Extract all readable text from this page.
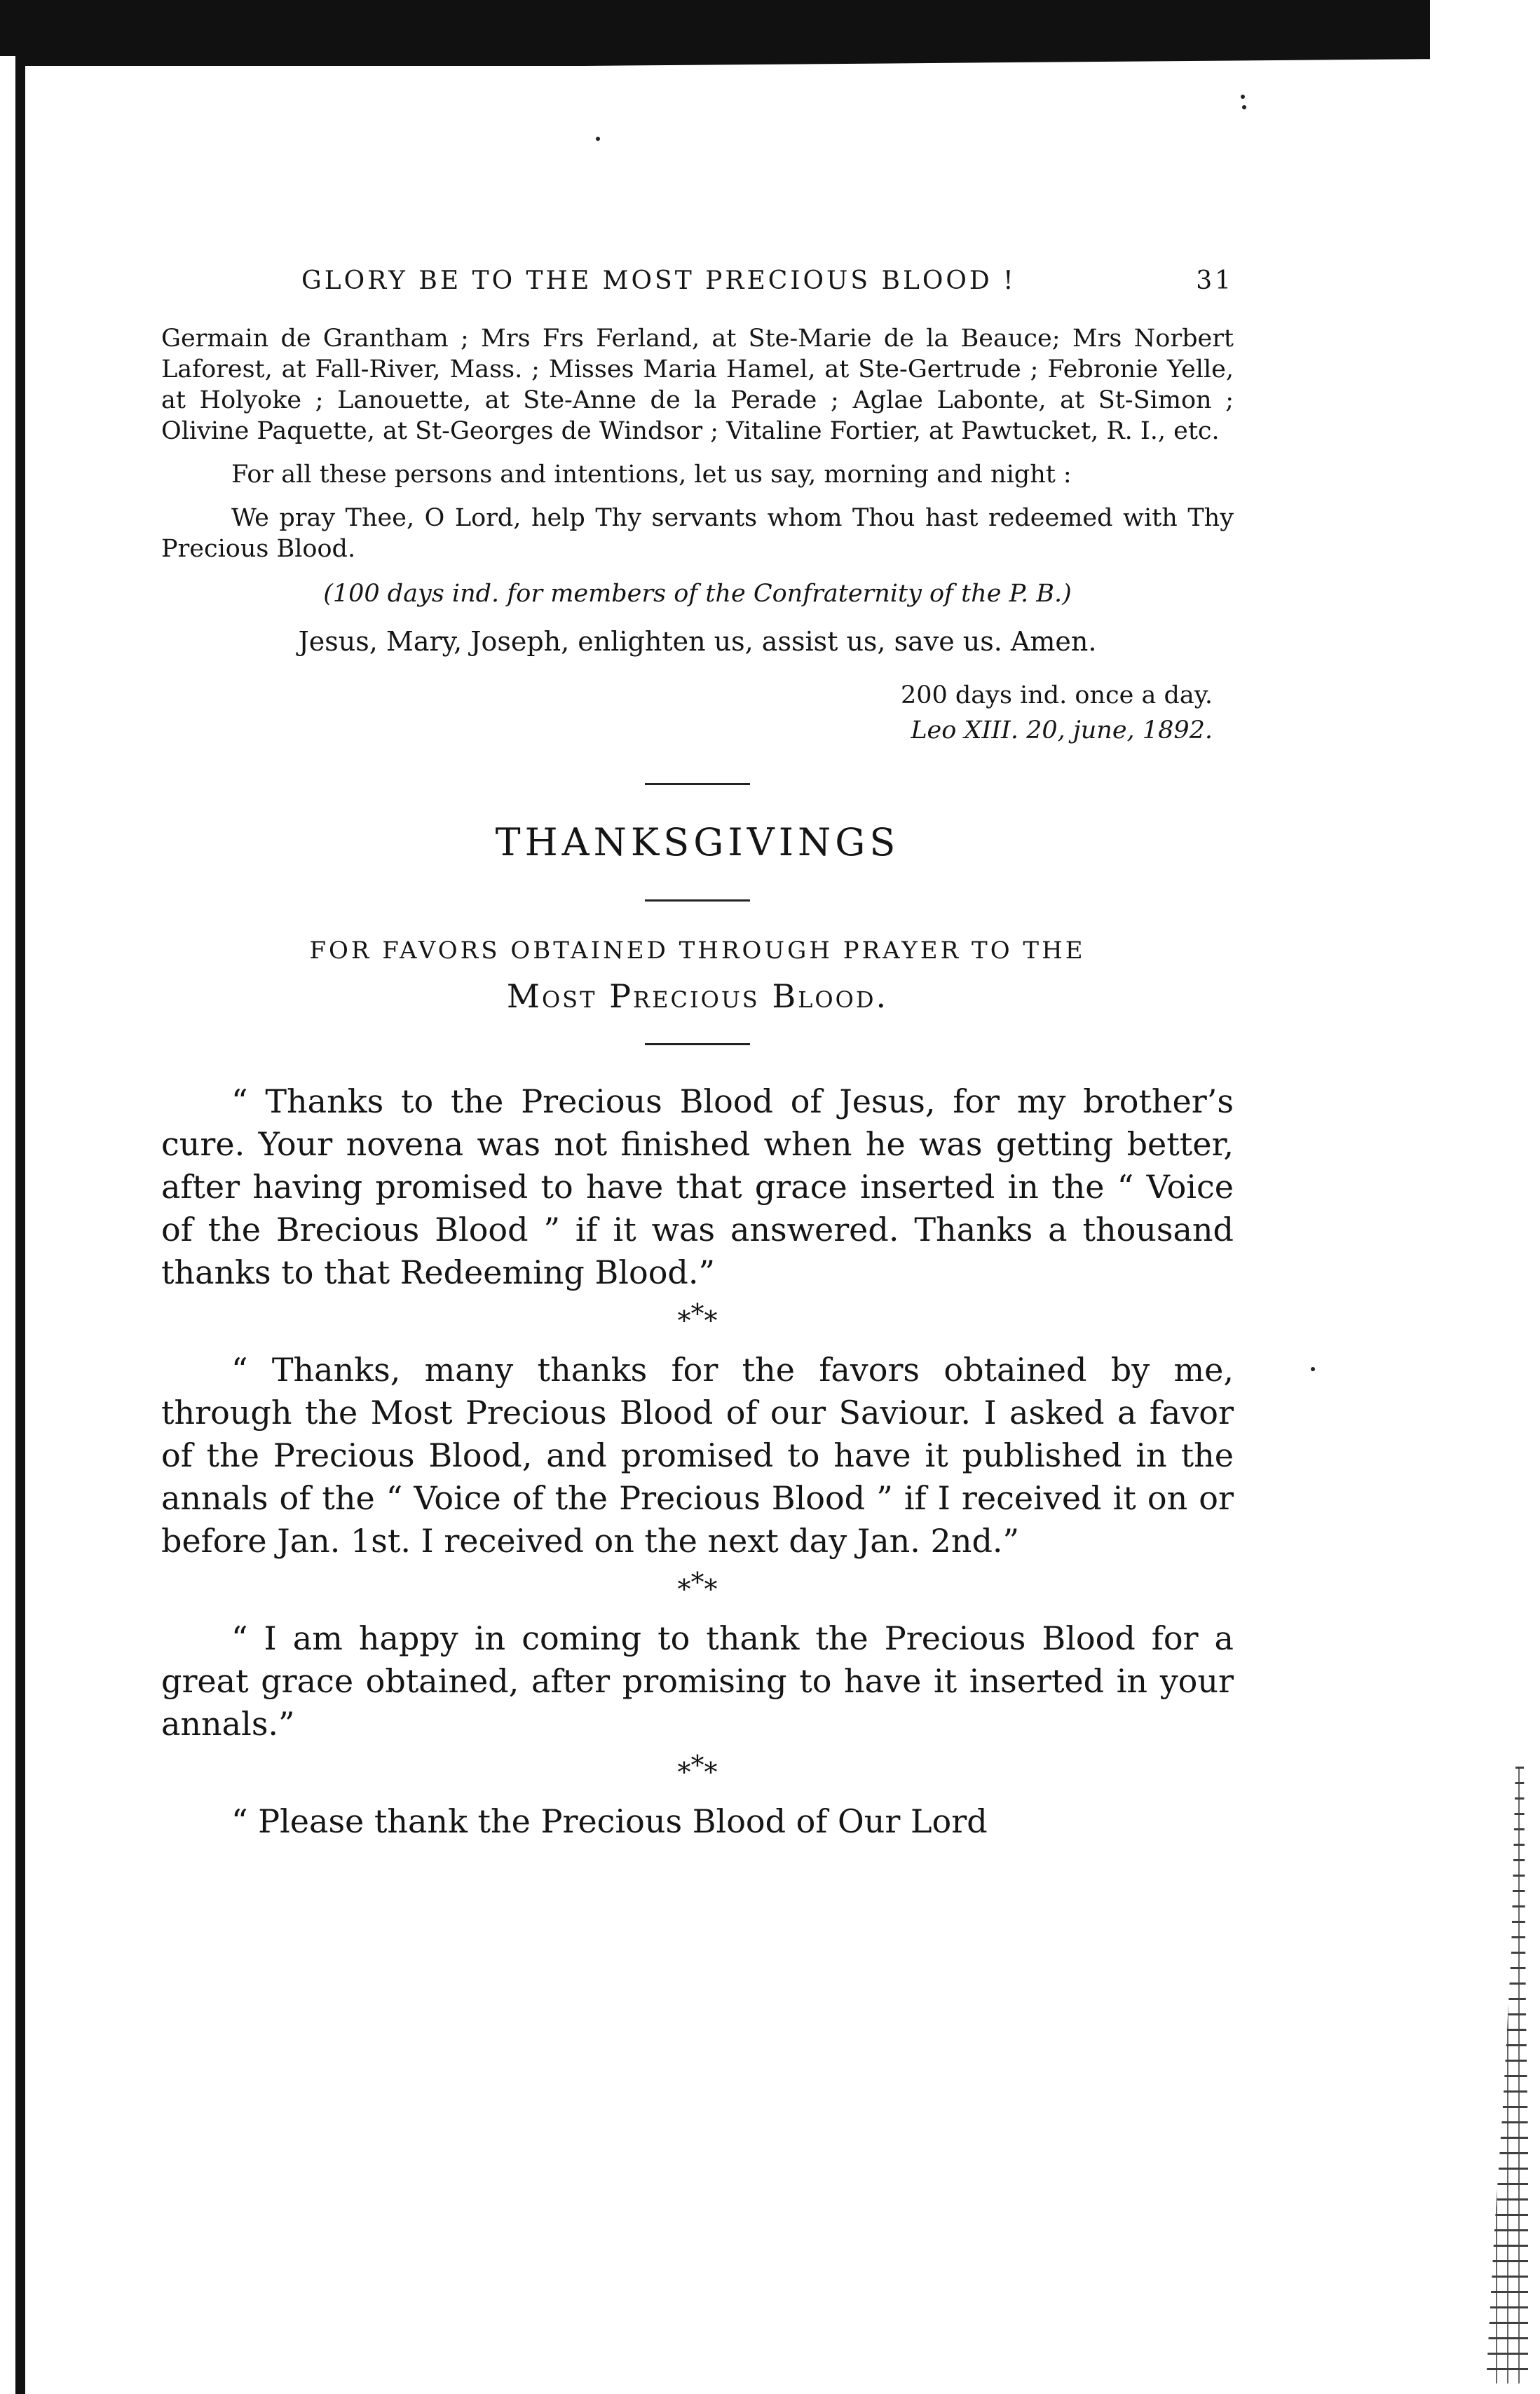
GLORY BE TO THE MOST PRECIOUS BLOOD !	31

Germain de Grantham ; Mrs Frs Ferland, at Ste-Marie de la Beauce; Mrs Norbert Laforest, at Fall-River, Mass. ; Misses Maria Hamel, at Ste-Gertrude ; Febronie Yelle, at Holyoke ; Lanouette, at Ste-Anne de la Perade ; Aglae Labonte, at St-Simon ; Olivine Paquette, at St-Georges de Windsor ; Vitaline Fortier, at Pawtucket, R. I., etc.

For all these persons and intentions, let us say, morning and night :

We pray Thee, O Lord, help Thy servants whom Thou hast redeemed with Thy Precious Blood.

(100 days ind. for members of the Confraternity of the P. B.)
Jesus, Mary, Joseph, enlighten us, assist us, save us. Amen.
200 days ind. once a day.
Leo XIII. 20, june, 1892.
THANKSGIVINGS
FOR FAVORS OBTAINED THROUGH PRAYER TO THE
Most Precious Blood.

“ Thanks to the Precious Blood of Jesus, for my brother’s cure. Your novena was not finished when he was getting better, after having promised to have that grace inserted in the “ Voice of the Brecious Blood ” if it was answered. Thanks a thousand thanks to that Redeeming Blood.”

***

“ Thanks, many thanks for the favors obtained by me, through the Most Precious Blood of our Saviour. I asked a favor of the Precious Blood, and promised to have it published in the annals of the “ Voice of the Precious Blood ” if I received it on or before Jan. 1st. I received on the next day Jan. 2nd.”

***

“ I am happy in coming to thank the Precious Blood for a great grace obtained, after promising to have it inserted in your annals.”

***

“ Please thank the Precious Blood of Our Lord
